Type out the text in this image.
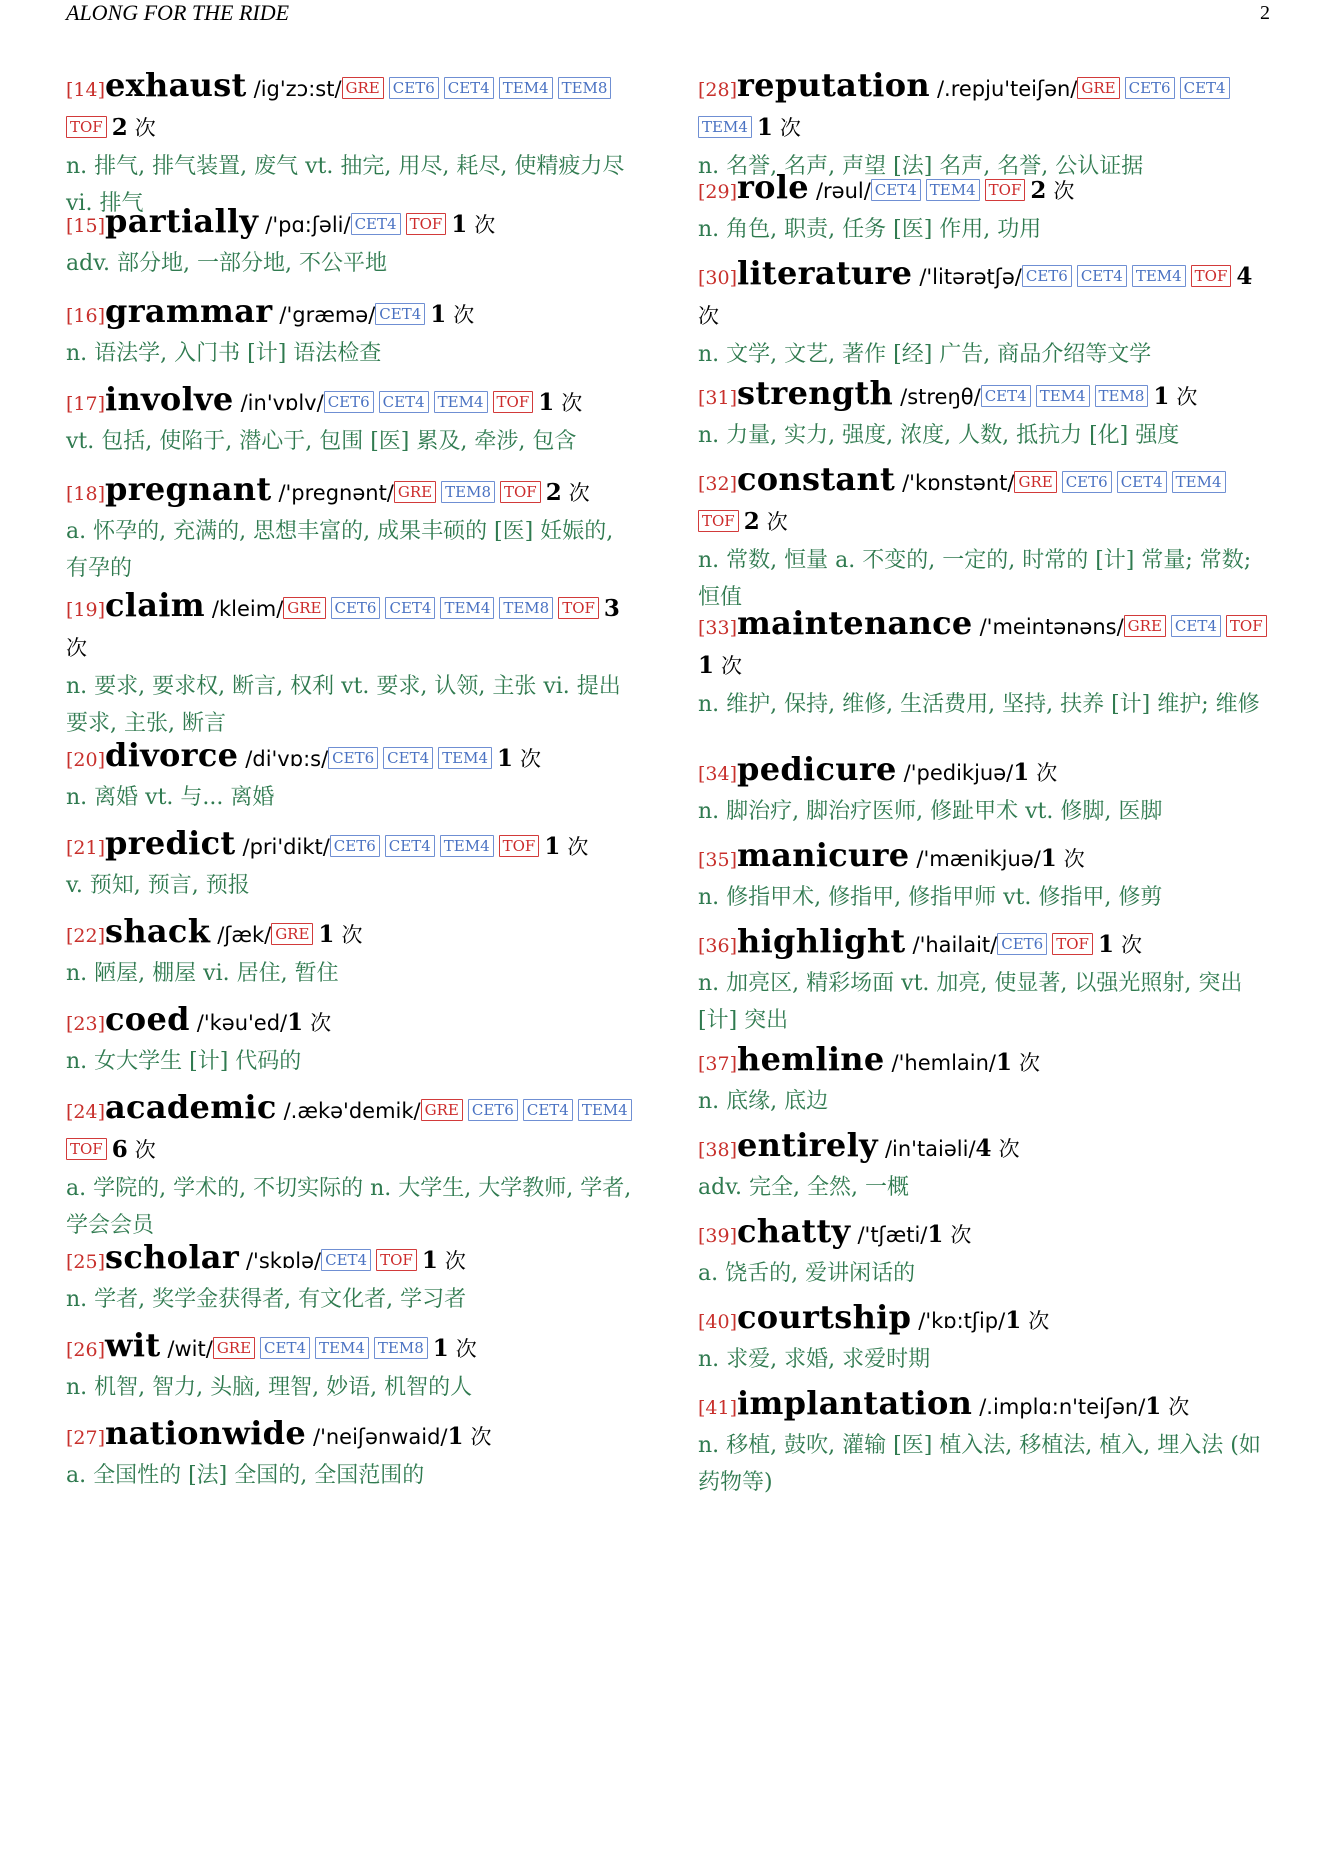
ALONG FOR THE RIDE	2
[14]exhaust /ig'zɔ:st/ GRE CET6 CET4 TEM4 TEM8TOF 2 次
n. 排气, 排气装置, 废气 vt. 抽完, 用尽, 耗尽, 使精疲力尽 vi. 排气
[15]partially /'pɑ:ʃəli/ CET4 TOF 1 次
adv. 部分地, 一部分地, 不公平地
[16]grammar /'græmə/ CET4 1 次
n. 语法学, 入门书 [计] 语法检查
[17]involve /in'vɒlv/ CET6 CET4 TEM4 TOF 1 次
vt. 包括, 使陷于, 潜心于, 包围 [医] 累及, 牵涉, 包含
[18]pregnant /'pregnənt/ GRE TEM8 TOF 2 次
a. 怀孕的, 充满的, 思想丰富的, 成果丰硕的 [医] 妊娠的, 有孕的
[19]claim /kleim/ GRE CET6 CET4 TEM4 TEM8 TOF 3 次
n. 要求, 要求权, 断言, 权利 vt. 要求, 认领, 主张 vi. 提出要求, 主张, 断言
[20]divorce /di'vɒ:s/ CET6 CET4 TEM4 1 次
n. 离婚 vt. 与... 离婚
[21]predict /pri'dikt/ CET6 CET4 TEM4 TOF 1 次
v. 预知, 预言, 预报
[22]shack /ʃæk/ GRE 1 次
n. 陋屋, 棚屋 vi. 居住, 暂住
[23]coed /'kəu'ed/1 次
n. 女大学生 [计] 代码的
[24]academic /.ækə'demik/ GRE CET6 CET4 TEM4TOF 6 次
a. 学院的, 学术的, 不切实际的 n. 大学生, 大学教师, 学者, 学会会员
[25]scholar /'skɒlə/ CET4 TOF 1 次
n. 学者, 奖学金获得者, 有文化者, 学习者
[26]wit /wit/ GRE CET4 TEM4 TEM8 1 次
n. 机智, 智力, 头脑, 理智, 妙语, 机智的人
[27]nationwide /'neiʃənwaid/1 次
a. 全国性的 [法] 全国的, 全国范围的
[28]reputation /.repju'teiʃən/ GRE CET6 CET4TEM4 1 次
n. 名誉, 名声, 声望 [法] 名声, 名誉, 公认证据
[29]role /rəul/ CET4 TEM4 TOF 2 次
n. 角色, 职责, 任务 [医] 作用, 功用
[30]literature /'litərətʃə/ CET6 CET4 TEM4 TOF 4 次
n. 文学, 文艺, 著作 [经] 广告, 商品介绍等文学
[31]strength /streŋθ/ CET4 TEM4 TEM8 1 次
n. 力量, 实力, 强度, 浓度, 人数, 抵抗力 [化] 强度
[32]constant /'kɒnstənt/ GRE CET6 CET4 TEM4TOF 2 次
n. 常数, 恒量 a. 不变的, 一定的, 时常的 [计] 常量; 常数; 恒值
[33]maintenance /'meintənəns/ GRE CET4 TOF1 次
n. 维护, 保持, 维修, 生活费用, 坚持, 扶养 [计] 维护; 维修
[34]pedicure /'pedikjuə/1 次
n. 脚治疗, 脚治疗医师, 修趾甲术 vt. 修脚, 医脚
[35]manicure /'mænikjuə/1 次
n. 修指甲术, 修指甲, 修指甲师 vt. 修指甲, 修剪
[36]highlight /'hailait/ CET6 TOF 1 次
n. 加亮区, 精彩场面 vt. 加亮, 使显著, 以强光照射, 突出 [计] 突出
[37]hemline /'hemlain/1 次
n. 底缘, 底边
[38]entirely /in'taiəli/4 次
adv. 完全, 全然, 一概
[39]chatty /'tʃæti/1 次
a. 饶舌的, 爱讲闲话的
[40]courtship /'kɒ:tʃip/1 次
n. 求爱, 求婚, 求爱时期
[41]implantation /.implɑ:n'teiʃən/1 次
n. 移植, 鼓吹, 灌输 [医] 植入法, 移植法, 植入, 埋入法 (如药物等)
